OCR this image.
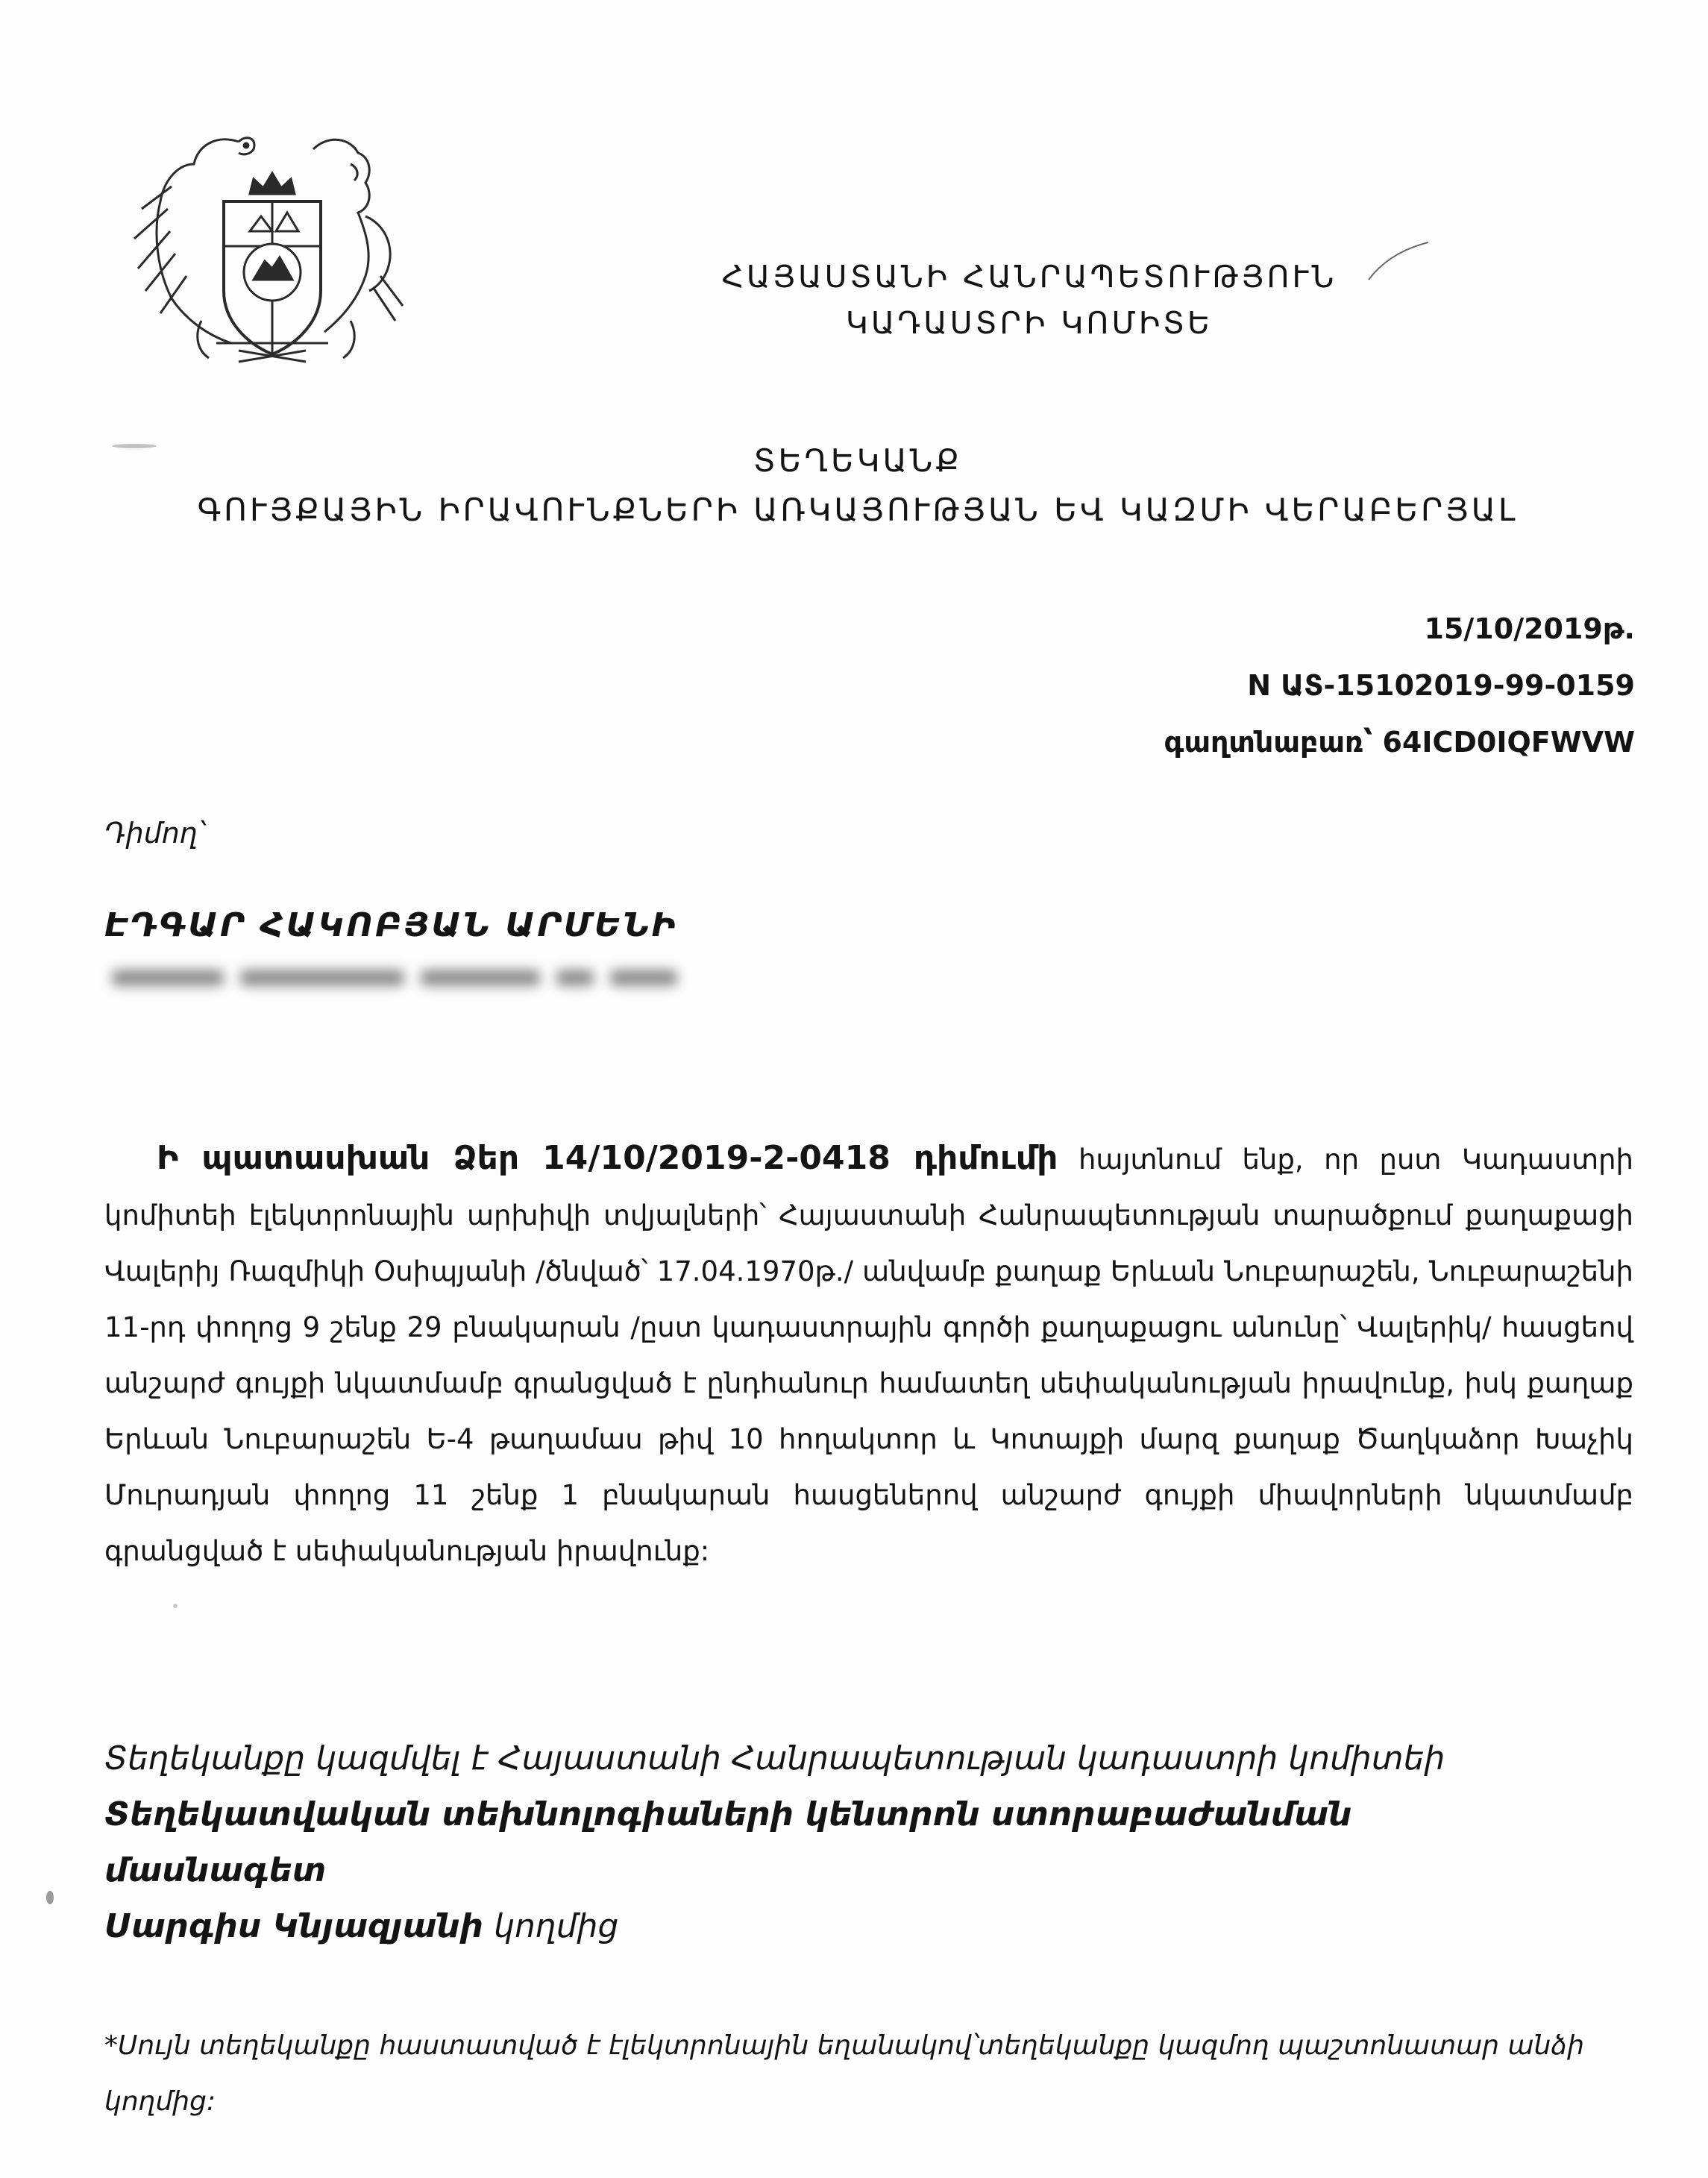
ՀԱՅԱՍՏԱՆԻ ՀԱՆՐԱՊԵՏՈՒԹՅՈՒՆ
ԿԱԴԱՍՏՐԻ ԿՈՄԻՏԵ
ՏԵՂԵԿԱՆՔ
ԳՈՒՅՔԱՅԻՆ ԻՐԱՎՈՒՆՔՆԵՐԻ ԱՌԿԱՅՈՒԹՅԱՆ ԵՎ ԿԱԶՄԻ ՎԵՐԱԲԵՐՅԱԼ
15/10/2019թ.
N ԱՏ-15102019-99-0159
գաղտնաբառ՝ 64ICD0IQFWVW
Դիմող՝
ԷԴԳԱՐ ՀԱԿՈԲՅԱՆ ԱՐՄԵՆԻ
Ի պատասխան Ձեր 14/10/2019-2-0418 դիմումի հայտնում ենք, որ ըստ Կադաստրի կոմիտեի էլեկտրոնային արխիվի տվյալների՝ Հայաստանի Հանրապետության տարածքում քաղաքացի Վալերիյ Ռազմիկի Օսիպյանի /ծնված՝ 17.04.1970թ./ անվամբ քաղաք Երևան Նուբարաշեն, Նուբարաշենի 11-րդ փողոց 9 շենք 29 բնակարան /ըստ կադաստրային գործի քաղաքացու անունը՝ Վալերիկ/ հասցեով անշարժ գույքի նկատմամբ գրանցված է ընդհանուր համատեղ սեփականության իրավունք, իսկ քաղաք Երևան Նուբարաշեն Ե-4 թաղամաս թիվ 10 հողակտոր և Կոտայքի մարզ քաղաք Ծաղկաձոր Խաչիկ Մուրադյան փողոց 11 շենք 1 բնակարան հասցեներով անշարժ գույքի միավորների նկատմամբ գրանցված է սեփականության իրավունք:
Տեղեկանքը կազմվել է Հայաստանի Հանրապետության կադաստրի կոմիտեի
Տեղեկատվական տեխնոլոգիաների կենտրոն ստորաբաժանման մասնագետ
Սարգիս Կնյազյանի կողմից
*Սույն տեղեկանքը հաստատված է էլեկտրոնային եղանակով՝տեղեկանքը կազմող պաշտոնատար անձի կողմից:
